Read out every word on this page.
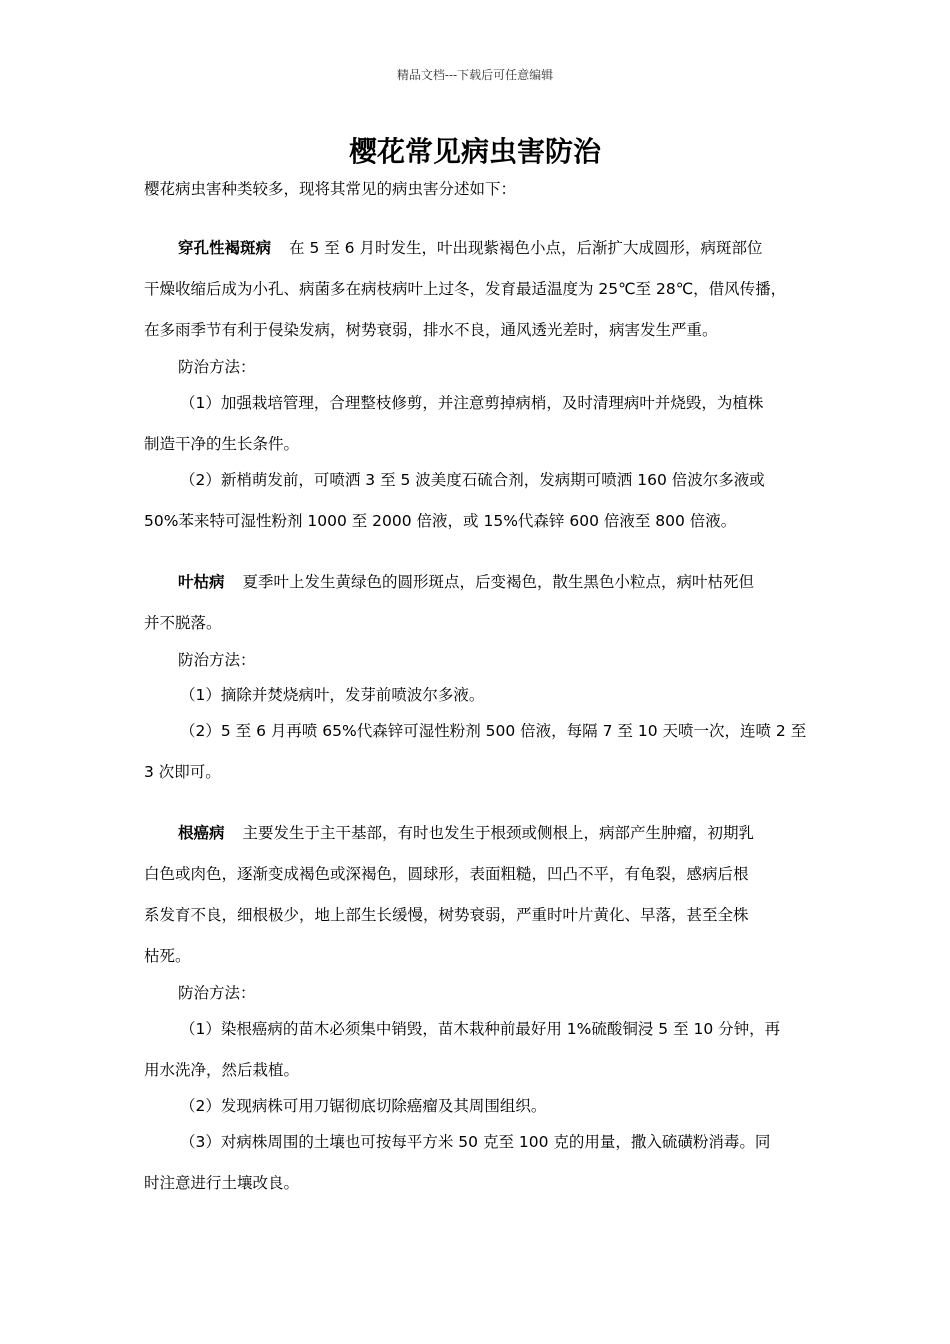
精品文档---下载后可任意编辑
樱花常见病虫害防治
樱花病虫害种类较多，现将其常见的病虫害分述如下：
穿孔性褐斑病 在 5 至 6 月时发生，叶出现紫褐色小点，后渐扩大成圆形，病斑部位
干燥收缩后成为小孔、病菌多在病枝病叶上过冬，发育最适温度为 25℃至 28℃，借风传播，
在多雨季节有利于侵染发病，树势衰弱，排水不良，通风透光差时，病害发生严重。
防治方法：
（1）加强栽培管理，合理整枝修剪，并注意剪掉病梢，及时清理病叶并烧毁，为植株
制造干净的生长条件。
（2）新梢萌发前，可喷洒 3 至 5 波美度石硫合剂，发病期可喷洒 160 倍波尔多液或
50%苯来特可湿性粉剂 1000 至 2000 倍液，或 15%代森锌 600 倍液至 800 倍液。
叶枯病 夏季叶上发生黄绿色的圆形斑点，后变褐色，散生黑色小粒点，病叶枯死但
并不脱落。
防治方法：
（1）摘除并焚烧病叶，发芽前喷波尔多液。
（2）5 至 6 月再喷 65%代森锌可湿性粉剂 500 倍液，每隔 7 至 10 天喷一次，连喷 2 至
3 次即可。
根癌病 主要发生于主干基部，有时也发生于根颈或侧根上，病部产生肿瘤，初期乳
白色或肉色，逐渐变成褐色或深褐色，圆球形，表面粗糙，凹凸不平，有龟裂，感病后根
系发育不良，细根极少，地上部生长缓慢，树势衰弱，严重时叶片黄化、早落，甚至全株
枯死。
防治方法：
（1）染根癌病的苗木必须集中销毁，苗木栽种前最好用 1%硫酸铜浸 5 至 10 分钟，再
用水洗净，然后栽植。
（2）发现病株可用刀锯彻底切除癌瘤及其周围组织。
（3）对病株周围的土壤也可按每平方米 50 克至 100 克的用量，撒入硫磺粉消毒。同
时注意进行土壤改良。
